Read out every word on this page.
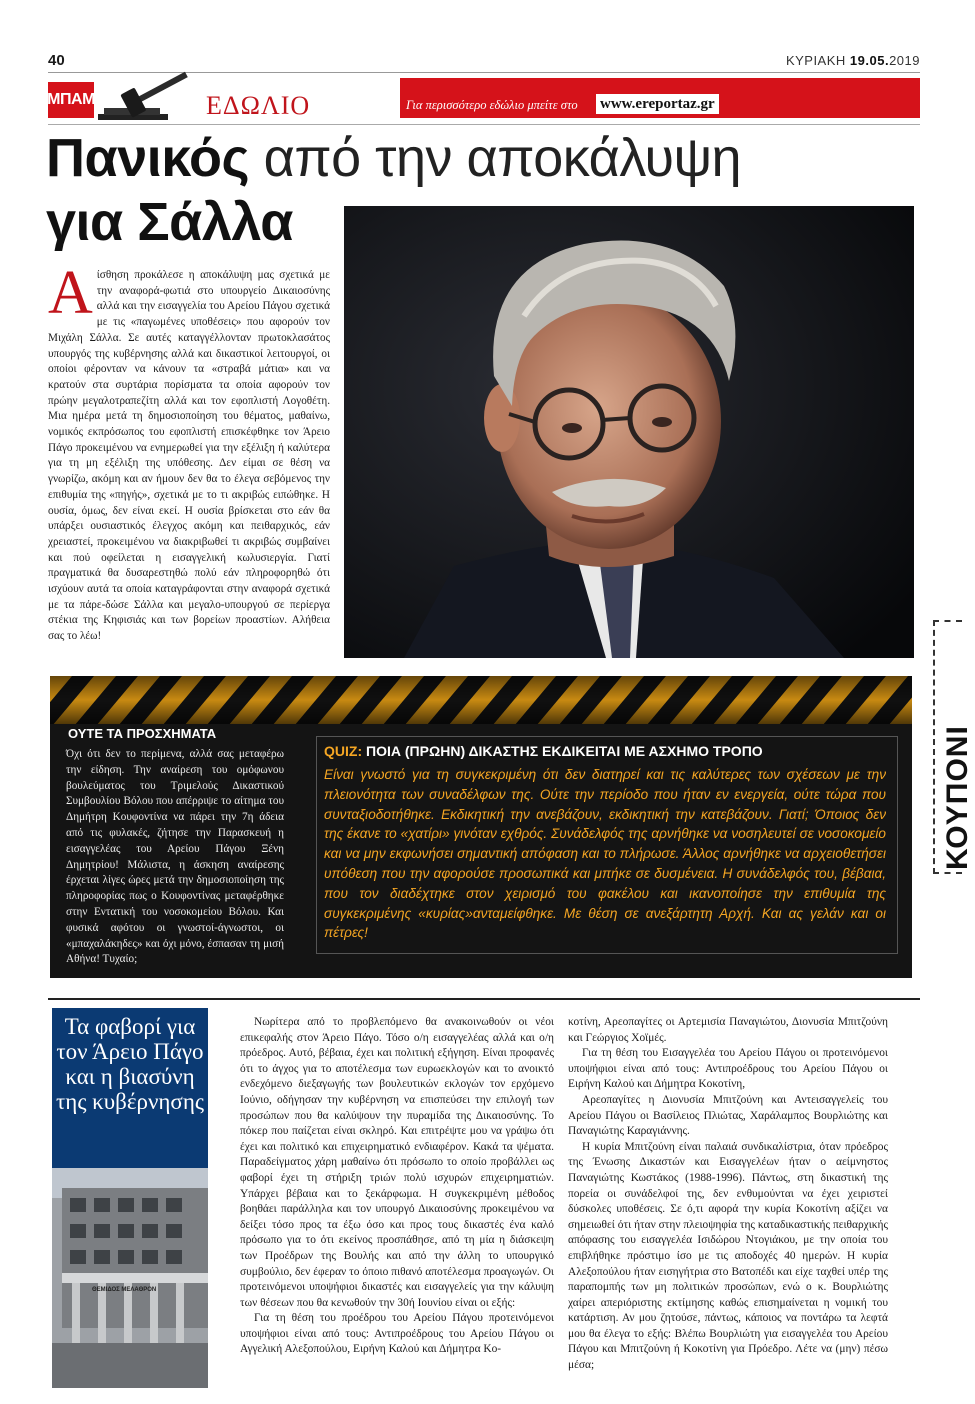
40	ΚΥΡΙΑΚΗ 19.05.2019
ΜΠΑΜ	ΕΔΩΛΙΟ	Για περισσότερο εδώλιο μπείτε στο www.ereportaz.gr
Πανικός από την αποκάλυψη
για Σάλλα
Αίσθηση προκάλεσε η αποκάλυψη μας σχετικά με την αναφορά-φωτιά στο υπουργείο Δικαιοσύνης αλλά και την εισαγγελία του Αρείου Πάγου σχετικά με τις «παγωμένες υποθέσεις» που αφορούν τον Μιχάλη Σάλλα. Σε αυτές καταγγέλλονταν πρωτοκλασάτος υπουργός της κυβέρνησης αλλά και δικαστικοί λειτουργοί, οι οποίοι φέρονταν να κάνουν τα «στραβά μάτια» και να κρατούν στα συρτάρια πορίσματα τα οποία αφορούν τον πρώην μεγαλοτραπεζίτη αλλά και τον εφοπλιστή Λογοθέτη. Μια ημέρα μετά τη δημοσιοποίηση του θέματος, μαθαίνω, νομικός εκπρόσωπος του εφοπλιστή επισκέφθηκε τον Άρειο Πάγο προκειμένου να ενημερωθεί για την εξέλιξη ή καλύτερα για τη μη εξέλιξη της υπόθεσης. Δεν είμαι σε θέση να γνωρίζω, ακόμη και αν ήμουν δεν θα το έλεγα σεβόμενος την επιθυμία της «πηγής», σχετικά με το τι ακριβώς ειπώθηκε. Η ουσία, όμως, δεν είναι εκεί. Η ουσία βρίσκεται στο εάν θα υπάρξει ουσιαστικός έλεγχος ακόμη και πειθαρχικός, εάν χρειαστεί, προκειμένου να διακριβωθεί τι ακριβώς συμβαίνει και πού οφείλεται η εισαγγελική κωλυσιεργία. Γιατί πραγματικά θα δυσαρεστηθώ πολύ εάν πληροφορηθώ ότι ισχύουν αυτά τα οποία καταγράφονται στην αναφορά σχετικά με τα πάρε-δώσε Σάλλα και μεγαλο-υπουργού σε περίεργα στέκια της Κηφισιάς και των βορείων προαστίων. Αλήθεια σας το λέω!
ΟΥΤΕ ΤΑ ΠΡΟΣΧΗΜΑΤΑ
Όχι ότι δεν το περίμενα, αλλά σας μεταφέρω την είδηση. Την αναίρεση του ομόφωνου βουλεύματος του Τριμελούς Δικαστικού Συμβουλίου Βόλου που απέρριψε το αίτημα του Δημήτρη Κουφοντίνα να πάρει την 7η άδεια από τις φυλακές, ζήτησε την Παρασκευή η εισαγγελέας του Αρείου Πάγου Ξένη Δημητρίου! Μάλιστα, η άσκηση αναίρεσης έρχεται λίγες ώρες μετά την δημοσιοποίηση της πληροφορίας πως ο Κουφοντίνας μεταφέρθηκε στην Εντατική του νοσοκομείου Βόλου. Και φυσικά αφότου οι γνωστοί-άγνωστοι, οι «μπαχαλάκηδες» και όχι μόνο, έσπασαν τη μισή Αθήνα! Τυχαίο;
QUIZ: ΠΟΙΑ (ΠΡΩΗΝ) ΔΙΚΑΣΤΗΣ ΕΚΔΙΚΕΙΤΑΙ ΜΕ ΑΣΧΗΜΟ ΤΡΟΠΟ
Είναι γνωστό για τη συγκεκριμένη ότι δεν διατηρεί και τις καλύτερες των σχέσεων με την πλειονότητα των συναδέλφων της. Ούτε την περίοδο που ήταν εν ενεργεία, ούτε τώρα που συνταξιοδοτήθηκε. Εκδικητική την ανεβάζουν, εκδικητική την κατεβάζουν. Γιατί; Όποιος δεν της έκανε το «χατίρι» γινόταν εχθρός. Συνάδελφός της αρνήθηκε να νοσηλευτεί σε νοσοκομείο και να μην εκφωνήσει σημαντική απόφαση και το πλήρωσε. Άλλος αρνήθηκε να αρχειοθετήσει υπόθεση που την αφορούσε προσωπικά και μπήκε σε δυσμένεια. Η συνάδελφός του, βέβαια, που τον διαδέχτηκε στον χειρισμό του φακέλου και ικανοποίησε την επιθυμία της συγκεκριμένης «κυρίας»ανταμείφθηκε. Με θέση σε ανεξάρτητη Αρχή. Και ας γελάν και οι πέτρες!
ΚΟΥΠΟΝΙ
Τα φαβορί για τον Άρειο Πάγο και η βιασύνη της κυβέρνησης
ΘΕΜΙΔΟΣ ΜΕΛΑΘΡΟΝ

Νωρίτερα από το προβλεπόμενο θα ανακοινωθούν οι νέοι επικεφαλής στον Άρειο Πάγο. Τόσο ο/η εισαγγελέας αλλά και ο/η πρόεδρος. Αυτό, βέβαια, έχει και πολιτική εξήγηση. Είναι προφανές ότι το άγχος για το αποτέλεσμα των ευρωεκλογών και το ανοικτό ενδεχόμενο διεξαγωγής των βουλευτικών εκλογών τον ερχόμενο Ιούνιο, οδήγησαν την κυβέρνηση να επισπεύσει την επιλογή των προσώπων που θα καλύψουν την πυραμίδα της Δικαιοσύνης. Το πόκερ που παίζεται είναι σκληρό. Και επιτρέψτε μου να γράψω ότι έχει και πολιτικό και επιχειρηματικό ενδιαφέρον. Κακά τα ψέματα. Παραδείγματος χάρη μαθαίνω ότι πρόσωπο το οποίο προβάλλει ως φαβορί έχει τη στήριξη τριών πολύ ισχυρών επιχειρηματιών. Υπάρχει βέβαια και το ξεκάρφωμα. Η συγκεκριμένη μέθοδος βοηθάει παράλληλα και τον υπουργό Δικαιοσύνης προκειμένου να δείξει τόσο προς τα έξω όσο και προς τους δικαστές ένα καλό πρόσωπο για το ότι εκείνος προσπάθησε, από τη μία η διάσκεψη των Προέδρων της Βουλής και από την άλλη το υπουργικό συμβούλιο, δεν έφεραν το όποιο πιθανό αποτέλεσμα προαγωγών. Οι προτεινόμενοι υποψήφιοι δικαστές και εισαγγελείς για την κάλυψη των θέσεων που θα κενωθούν την 30ή Ιουνίου είναι οι εξής:

Για τη θέση του προέδρου του Αρείου Πάγου προτεινόμενοι υποψήφιοι είναι από τους: Αντιπροέδρους του Αρείου Πάγου οι Αγγελική Αλεξοπούλου, Ειρήνη Καλού και Δήμητρα Κο-

κοτίνη, Αρεοπαγίτες οι Αρτεμισία Παναγιώτου, Διονυσία Μπιτζούνη και Γεώργιος Χοϊμές.

Για τη θέση του Εισαγγελέα του Αρείου Πάγου οι προτεινόμενοι υποψήφιοι είναι από τους: Αντιπροέδρους του Αρείου Πάγου οι Ειρήνη Καλού και Δήμητρα Κοκοτίνη,

Αρεοπαγίτες η Διονυσία Μπιτζούνη και Αντεισαγγελείς του Αρείου Πάγου οι Βασίλειος Πλιώτας, Χαράλαμπος Βουρλιώτης και Παναγιώτης Καραγιάννης.

Η κυρία Μπιτζούνη είναι παλαιά συνδικαλίστρια, όταν πρόεδρος της Ένωσης Δικαστών και Εισαγγελέων ήταν ο αείμνηστος Παναγιώτης Κωστάκος (1988-1996). Πάντως, στη δικαστική της πορεία οι συνάδελφοί της, δεν ενθυμούνται να έχει χειριστεί δύσκολες υποθέσεις. Σε ό,τι αφορά την κυρία Κοκοτίνη αξίζει να σημειωθεί ότι ήταν στην πλειοψηφία της καταδικαστικής πειθαρχικής απόφασης του εισαγγελέα Ισιδώρου Ντογιάκου, με την οποία του επιβλήθηκε πρόστιμο ίσο με τις αποδοχές 40 ημερών. Η κυρία Αλεξοπούλου ήταν εισηγήτρια στο Βατοπέδι και είχε ταχθεί υπέρ της παραπομπής των μη πολιτικών προσώπων, ενώ ο κ. Βουρλιώτης χαίρει απεριόριστης εκτίμησης καθώς επισημαίνεται η νομική του κατάρτιση. Αν μου ζητούσε, πάντως, κάποιος να ποντάρω τα λεφτά μου θα έλεγα το εξής: Βλέπω Βουρλιώτη για εισαγγελέα του Αρείου Πάγου και Μπιτζούνη ή Κοκοτίνη για Πρόεδρο. Λέτε να (μην) πέσω μέσα;
